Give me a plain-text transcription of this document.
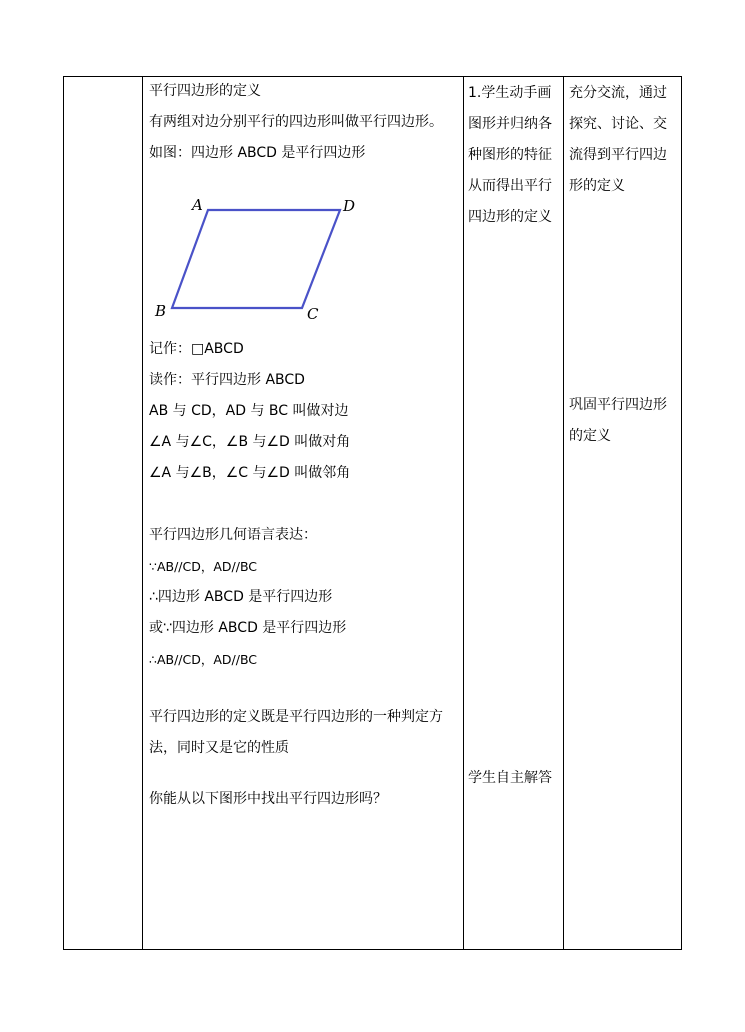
平行四边形的定义
有两组对边分别平行的四边形叫做平行四边形。
如图：四边形 ABCD 是平行四边形
记作：□ABCD
读作：平行四边形 ABCD
AB 与 CD，AD 与 BC 叫做对边
∠A 与∠C，∠B 与∠D 叫做对角
∠A 与∠B，∠C 与∠D 叫做邻角
平行四边形几何语言表达：
∵AB//CD，AD//BC
∴四边形 ABCD 是平行四边形
或∵四边形 ABCD 是平行四边形
∴AB//CD，AD//BC
平行四边形的定义既是平行四边形的一种判定方
法，同时又是它的性质
你能从以下图形中找出平行四边形吗？
A	D
B	C
1.学生动手画图形并归纳各种图形的特征从而得出平行四边形的定义
学生自主解答
充分交流，通过探究、讨论、交流得到平行四边形的定义
巩固平行四边形的定义
